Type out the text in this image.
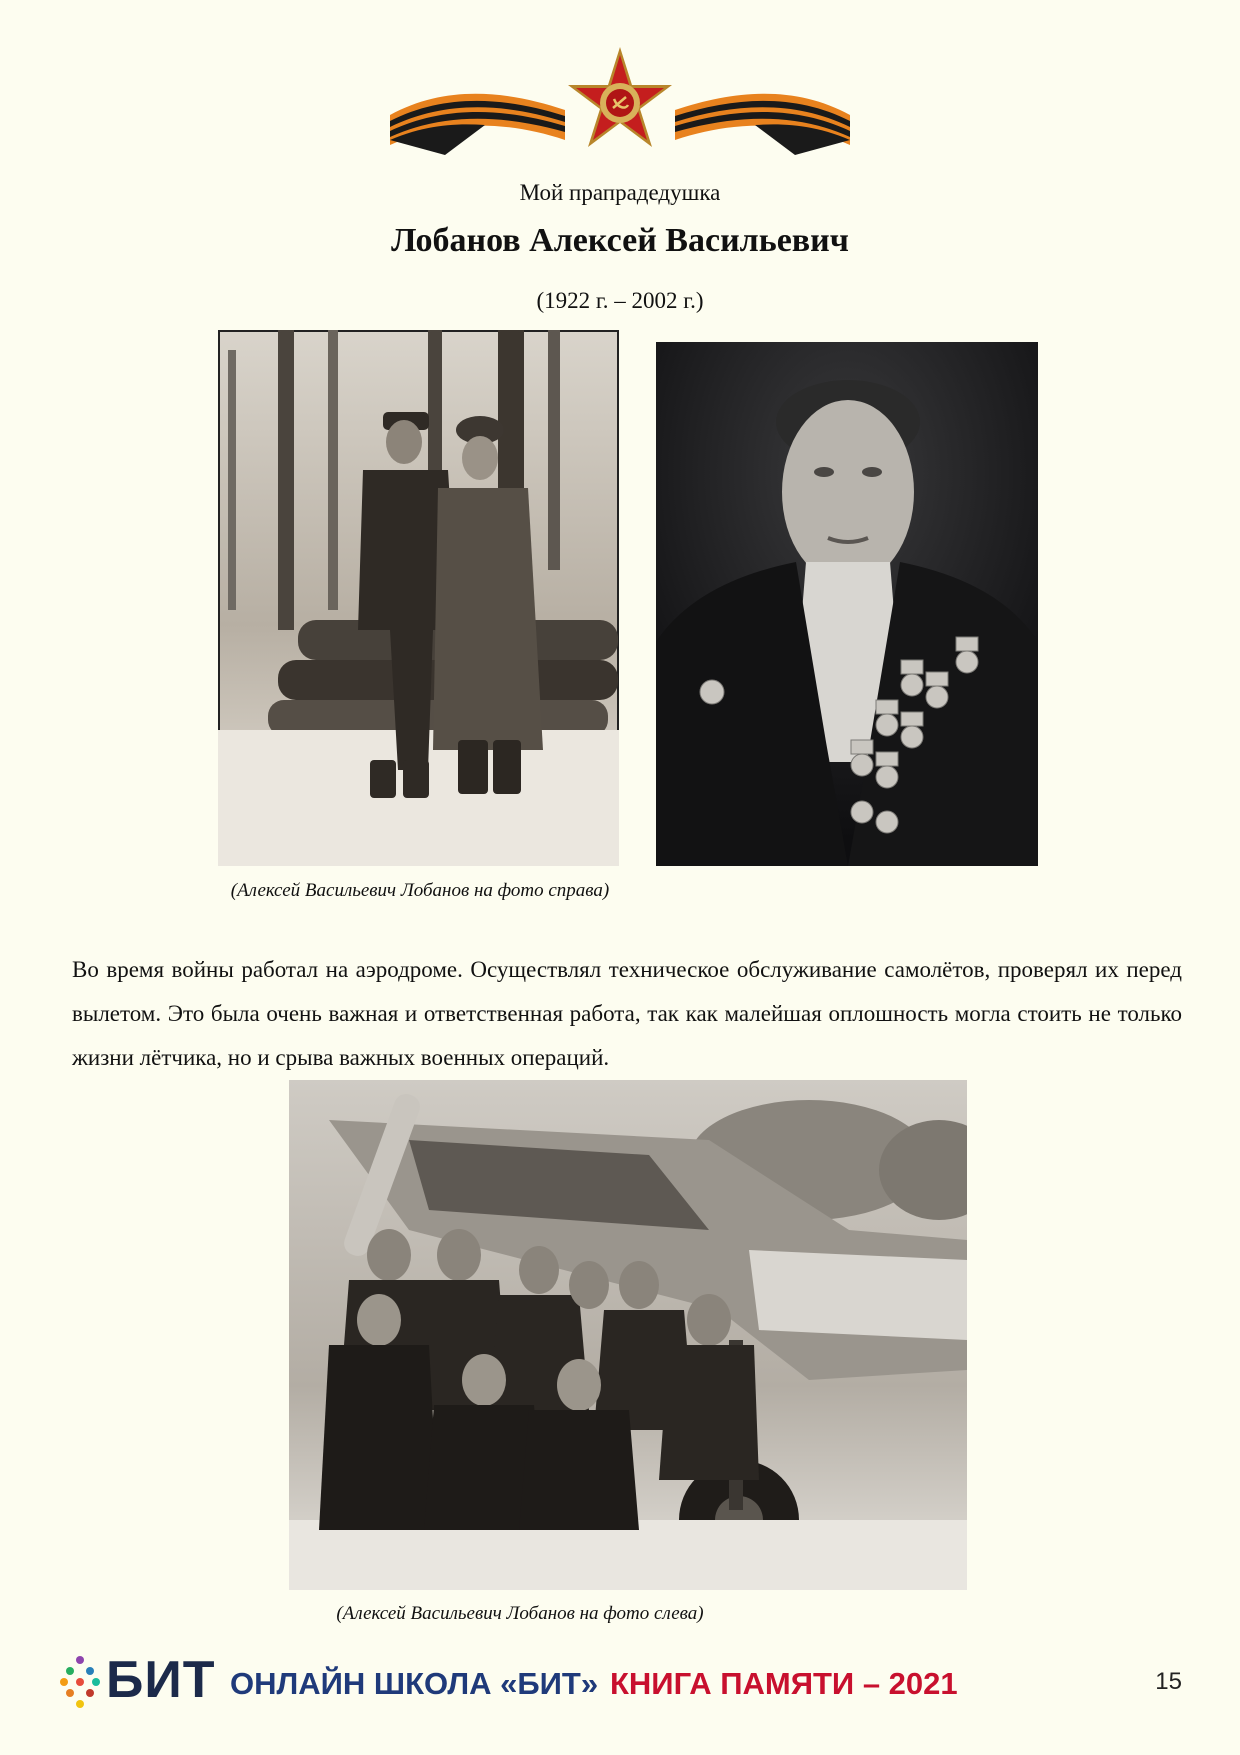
Мой прапрадедушка
Лобанов Алексей Васильевич
(1922 г. – 2002 г.)
(Алексей Васильевич Лобанов на фото справа)
Во время войны работал на аэродроме. Осуществлял техническое обслуживание самолётов, проверял их перед вылетом. Это была очень важная и ответственная работа, так как малейшая оплошность могла стоить не только жизни лётчика, но и срыва важных военных операций.
(Алексей Васильевич Лобанов на фото слева)
БИТ ОНЛАЙН ШКОЛА «БИТ» КНИГА ПАМЯТИ – 2021	15
